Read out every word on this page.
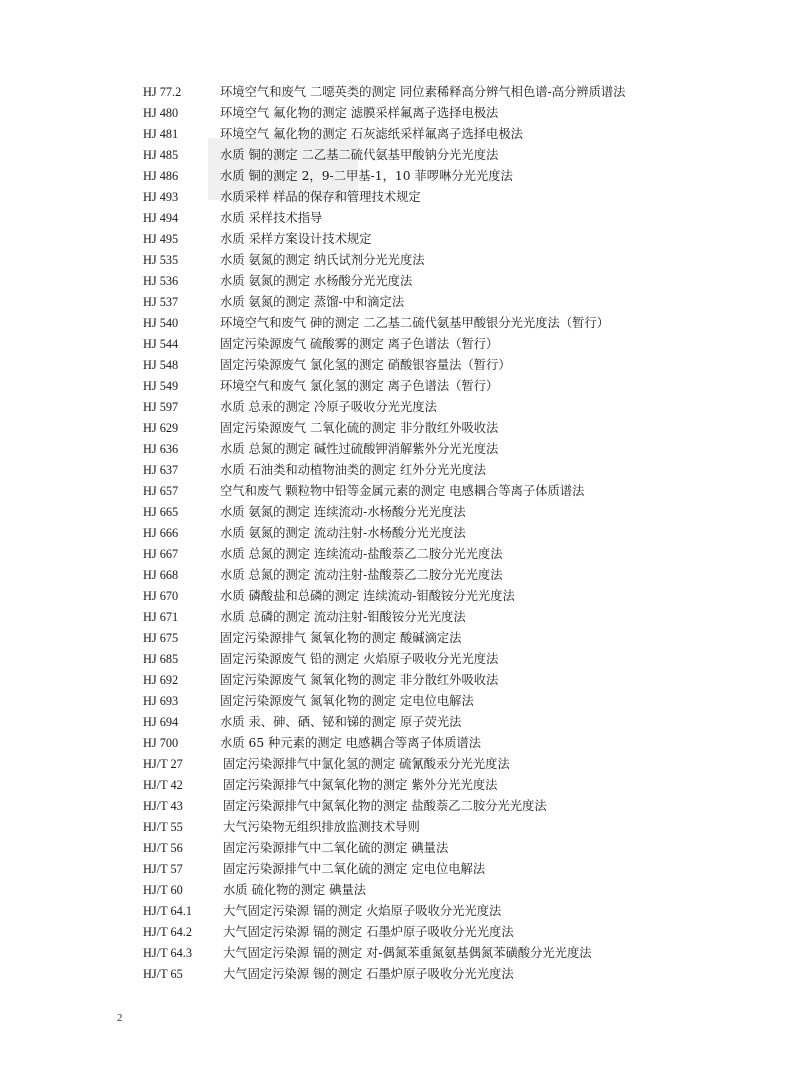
HJ 77.2	环境空气和废气 二噁英类的测定 同位素稀释高分辨气相色谱-高分辨质谱法
HJ 480	环境空气 氟化物的测定 滤膜采样氟离子选择电极法
HJ 481	环境空气 氟化物的测定 石灰滤纸采样氟离子选择电极法
HJ 485	水质 铜的测定 二乙基二硫代氨基甲酸钠分光光度法
HJ 486	水质 铜的测定 2，9-二甲基-1，10 菲啰啉分光光度法
HJ 493	水质采样 样品的保存和管理技术规定
HJ 494	水质 采样技术指导
HJ 495	水质 采样方案设计技术规定
HJ 535	水质 氨氮的测定 纳氏试剂分光光度法
HJ 536	水质 氨氮的测定 水杨酸分光光度法
HJ 537	水质 氨氮的测定 蒸馏-中和滴定法
HJ 540	环境空气和废气 砷的测定 二乙基二硫代氨基甲酸银分光光度法（暂行）
HJ 544	固定污染源废气 硫酸雾的测定 离子色谱法（暂行）
HJ 548	固定污染源废气 氯化氢的测定 硝酸银容量法（暂行）
HJ 549	环境空气和废气 氯化氢的测定 离子色谱法（暂行）
HJ 597	水质 总汞的测定 冷原子吸收分光光度法
HJ 629	固定污染源废气 二氧化硫的测定 非分散红外吸收法
HJ 636	水质 总氮的测定 碱性过硫酸钾消解紫外分光光度法
HJ 637	水质 石油类和动植物油类的测定 红外分光光度法
HJ 657	空气和废气 颗粒物中铅等金属元素的测定 电感耦合等离子体质谱法
HJ 665	水质 氨氮的测定 连续流动-水杨酸分光光度法
HJ 666	水质 氨氮的测定 流动注射-水杨酸分光光度法
HJ 667	水质 总氮的测定 连续流动-盐酸萘乙二胺分光光度法
HJ 668	水质 总氮的测定 流动注射-盐酸萘乙二胺分光光度法
HJ 670	水质 磷酸盐和总磷的测定 连续流动-钼酸铵分光光度法
HJ 671	水质 总磷的测定 流动注射-钼酸铵分光光度法
HJ 675	固定污染源排气 氮氧化物的测定 酸碱滴定法
HJ 685	固定污染源废气 铅的测定 火焰原子吸收分光光度法
HJ 692	固定污染源废气 氮氧化物的测定 非分散红外吸收法
HJ 693	固定污染源废气 氮氧化物的测定 定电位电解法
HJ 694	水质 汞、砷、硒、铋和锑的测定 原子荧光法
HJ 700	水质 65 种元素的测定 电感耦合等离子体质谱法
HJ/T 27	固定污染源排气中氯化氢的测定 硫氰酸汞分光光度法
HJ/T 42	固定污染源排气中氮氧化物的测定 紫外分光光度法
HJ/T 43	固定污染源排气中氮氧化物的测定 盐酸萘乙二胺分光光度法
HJ/T 55	大气污染物无组织排放监测技术导则
HJ/T 56	固定污染源排气中二氧化硫的测定 碘量法
HJ/T 57	固定污染源排气中二氧化硫的测定 定电位电解法
HJ/T 60	水质 硫化物的测定 碘量法
HJ/T 64.1	大气固定污染源 镉的测定 火焰原子吸收分光光度法
HJ/T 64.2	大气固定污染源 镉的测定 石墨炉原子吸收分光光度法
HJ/T 64.3	大气固定污染源 镉的测定 对-偶氮苯重氮氨基偶氮苯磺酸分光光度法
HJ/T 65	大气固定污染源 锡的测定 石墨炉原子吸收分光光度法
2
